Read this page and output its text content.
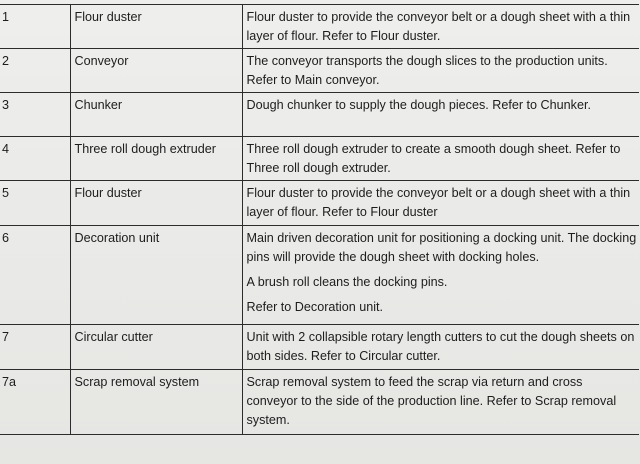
1	Flour duster	Flour duster to provide the conveyor belt or a dough sheet with a thin layer of flour. Refer to Flour duster.

2	Conveyor	The conveyor transports the dough slices to the production units. Refer to Main conveyor.

3	Chunker	Dough chunker to supply the dough pieces. Refer to Chunker.

4	Three roll dough extruder	Three roll dough extruder to create a smooth dough sheet. Refer to Three roll dough extruder.

5	Flour duster	Flour duster to provide the conveyor belt or a dough sheet with a thin layer of flour. Refer to Flour duster

6	Decoration unit	Main driven decoration unit for positioning a docking unit. The docking pins will provide the dough sheet with docking holes.
A brush roll cleans the docking pins.
Refer to Decoration unit.

7	Circular cutter	Unit with 2 collapsible rotary length cutters to cut the dough sheets on both sides. Refer to Circular cutter.

7a	Scrap removal system	Scrap removal system to feed the scrap via return and cross conveyor to the side of the production line. Refer to Scrap removal system.
